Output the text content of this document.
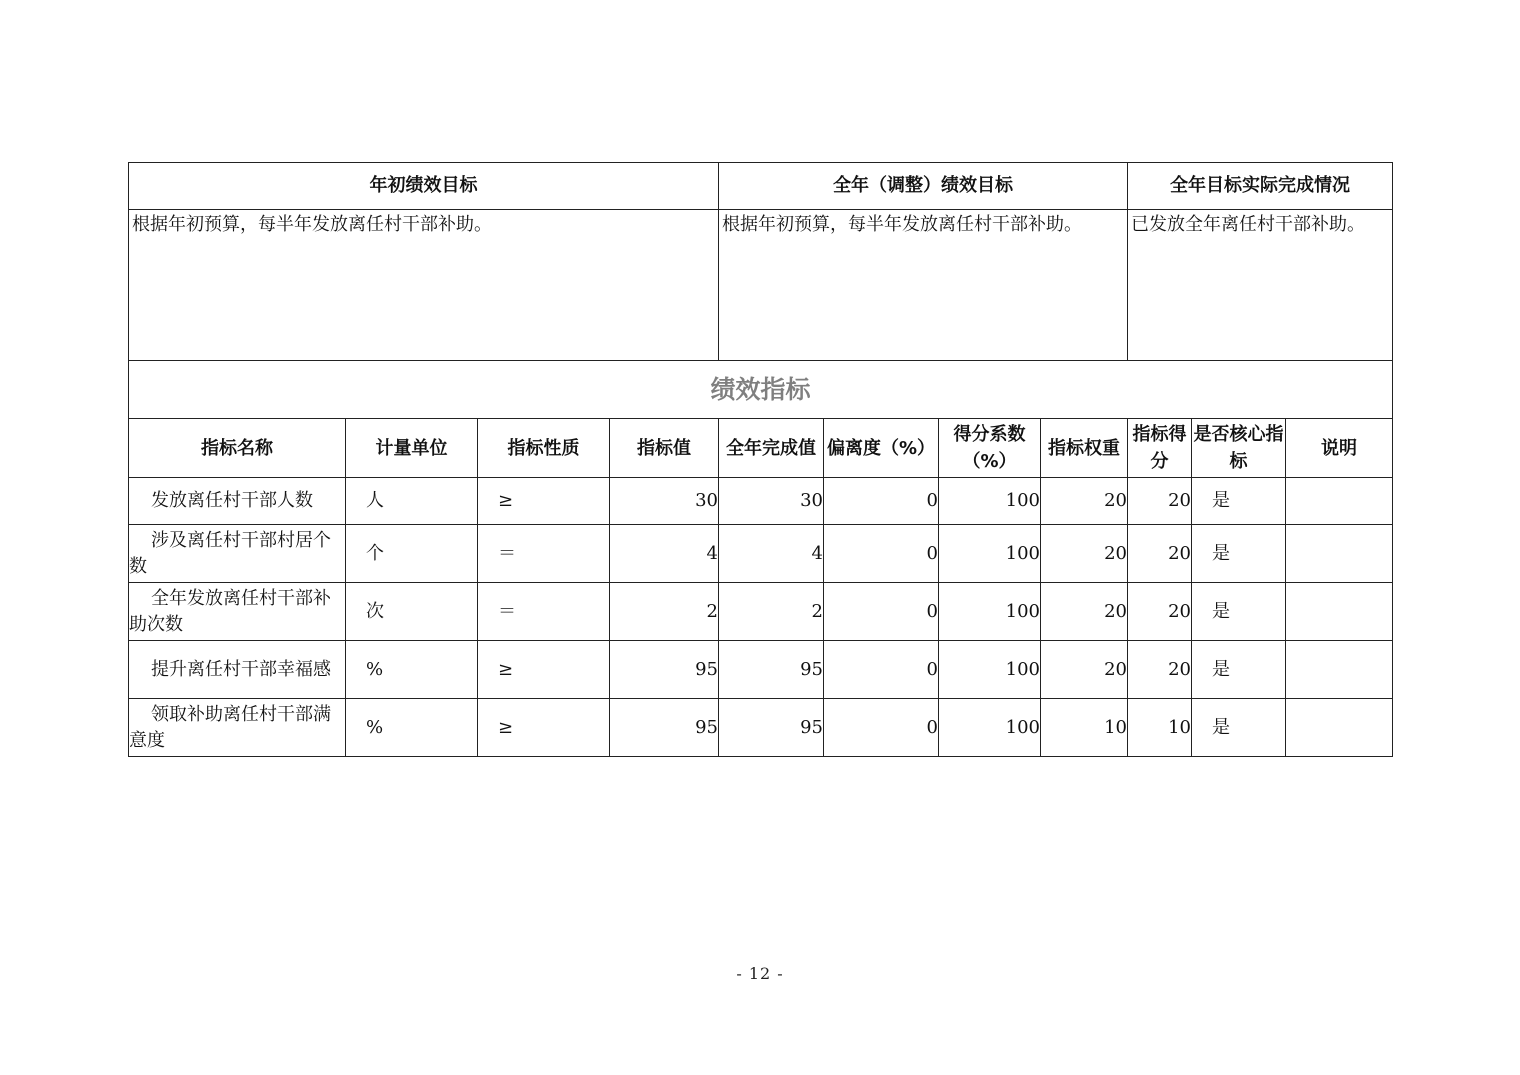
年初绩效目标				全年（调整）绩效目标				全年目标实际完成情况		
根据年初预算，每半年发放离任村干部补助。				根据年初预算，每半年发放离任村干部补助。				已发放全年离任村干部补助。		
绩效指标										
指标名称	计量单位	指标性质	指标值	全年完成值	偏离度（%）	得分系数（%）	指标权重	指标得分	是否核心指标	说明
发放离任村干部人数	人	≥	30	30	0	100	20	20	是	
涉及离任村干部村居个数	个	＝	4	4	0	100	20	20	是	
全年发放离任村干部补助次数	次	＝	2	2	0	100	20	20	是	
提升离任村干部幸福感	%	≥	95	95	0	100	20	20	是	
领取补助离任村干部满意度	%	≥	95	95	0	100	10	10	是	
- 12 -
